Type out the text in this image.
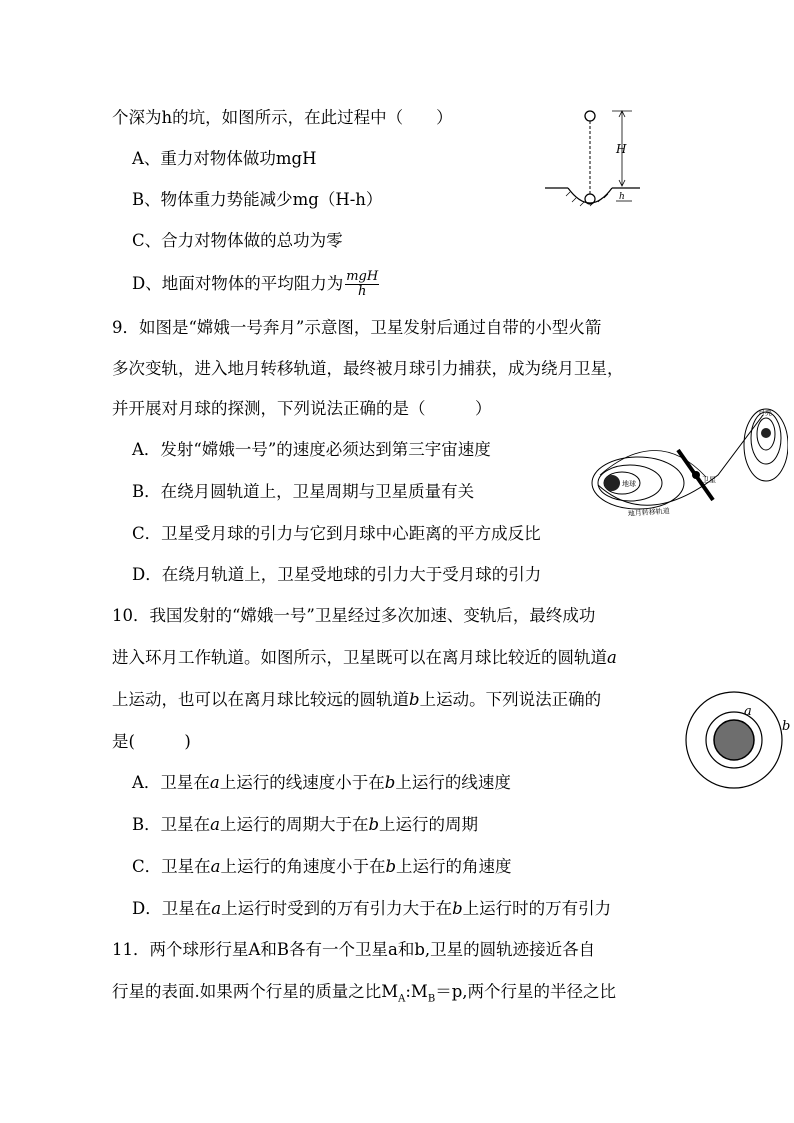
个深为h的坑，如图所示，在此过程中（　　）
A、重力对物体做功mgH
B、物体重力势能减少mg（H-h）
C、合力对物体做的总功为零
D、地面对物体的平均阻力为 $\frac{\text{mgH}}{h}$
H
h
9．如图是“嫦娥一号奔月”示意图，卫星发射后通过自带的小型火箭
多次变轨，进入地月转移轨道，最终被月球引力捕获，成为绕月卫星，
并开展对月球的探测，下列说法正确的是（　　　）
A．发射“嫦娥一号”的速度必须达到第三宇宙速度
B．在绕月圆轨道上，卫星周期与卫星质量有关
C．卫星受月球的引力与它到月球中心距离的平方成反比
D．在绕月轨道上，卫星受地球的引力大于受月球的引力
地球	卫星
地月转移轨道
月亮
10．我国发射的“嫦娥一号”卫星经过多次加速、变轨后，最终成功
进入环月工作轨道。如图所示，卫星既可以在离月球比较近的圆轨道a
上运动，也可以在离月球比较远的圆轨道b上运动。下列说法正确的
是(　　　)
A．卫星在a上运行的线速度小于在b上运行的线速度
B．卫星在a上运行的周期大于在b上运行的周期
C．卫星在a上运行的角速度小于在b上运行的角速度
D．卫星在a上运行时受到的万有引力大于在b上运行时的万有引力
a
b
11．两个球形行星A和B各有一个卫星a和b,卫星的圆轨迹接近各自
行星的表面.如果两个行星的质量之比$M_A:M_B=p$,两个行星的半径之比
